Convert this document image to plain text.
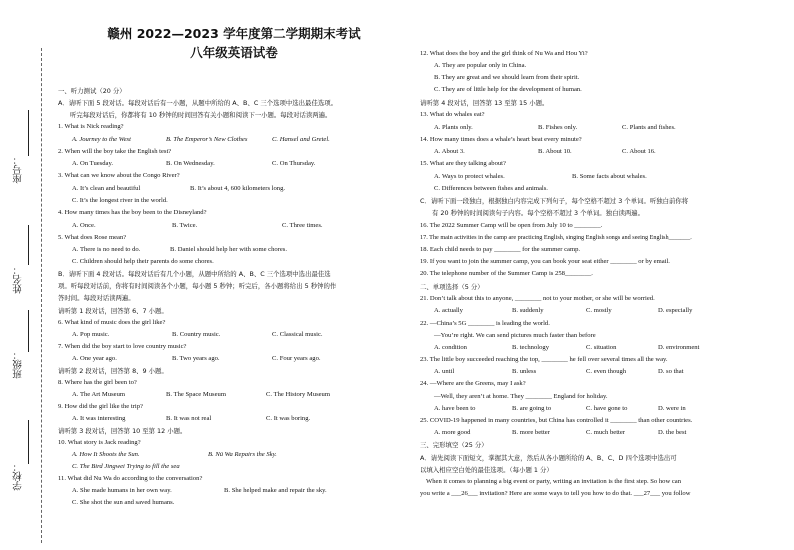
座号：
姓名：
班级：
学校：
赣州 2022—2023 学年度第二学期期末考试
八年级英语试卷
一、听力测试（20 分）
A．请听下面 5 段对话。每段对话后有一小题，从题中所给的 A、B、C 三个选项中选出最佳选项。
听完每段对话后，你都将有 10 秒钟的时间回答有关小题和阅读下一小题。每段对话读两遍。
1. What is Nick reading?
A. Journey to the West	B. The Emperor’s New Clothes	C. Hansel and Gretel.
2. When will the boy take the English test?
A. On Tuesday.	B. On Wednesday.	C. On Thursday.
3. What can we know about the Congo River?
A. It’s clean and beautiful	B. It’s about 4, 600 kilometers long.
C. It’s the longest river in the world.
4. How many times has the boy been to the Disneyland?
A. Once.	B. Twice.	C. Three times.
5. What does Rose mean?
A. There is no need to do.	B. Daniel should help her with some chores.
C. Children should help their parents do some chores.
B．请听下面 4 段对话。每段对话后有几个小题，从题中所给的 A、B、C 三个选项中选出最佳选
项。听每段对话前，你将有时间阅读各个小题，每小题 5 秒钟；听完后，各小题将给出 5 秒钟的作
答时间。每段对话读两遍。
请听第 1 段对话，回答第 6、7 小题。
6. What kind of music does the girl like?
A. Pop music.	B. Country music.	C. Classical music.
7. When did the boy start to love country music?
A. One year ago.	B. Two years ago.	C. Four years ago.
请听第 2 段对话，回答第 8、9 小题。
8. Where has the girl been to?
A. The Art Museum	B. The Space Museum	C. The History Museum
9. How did the girl like the trip?
A. It was interesting	B. It was not real	C. It was boring.
请听第 3 段对话，回答第 10 至第 12 小题。
10. What story is Jack reading?
A. How It Shoots the Sun.	B. Nü Wa Repairs the Sky.
C. The Bird Jingwei Trying to fill the sea
11. What did Nu Wa do according to the conversation?
A. She made humans in her own way.	B. She helped make and repair the sky.
C. She shot the sun and saved humans.
12. What does the boy and the girl think of Nu Wa and Hou Yi?
A. They are popular only in China.
B. They are great and we should learn from their spirit.
C. They are of little help for the development of human.
请听第 4 段对话，回答第 13 至第 15 小题。
13. What do whales eat?
A. Plants only.	B. Fishes only.	C. Plants and fishes.
14. How many times does a whale’s heart beat every minute?
A. About 3.	B. About 10.	C. About 16.
15. What are they talking about?
A. Ways to protect whales.	B. Some facts about whales.
C. Differences between fishes and animals.
C．请听下面一段独白，根据独白内容完成下列句子，每个空格不超过 3 个单词。听独白前你将
有 20 秒钟的时间阅读句子内容。每个空格不超过 3 个单词。独白读两遍。
16. The 2022 Summer Camp will be open from July 10 to ________.
17. The main activities in the camp are practicing English, singing English songs and seeing English_______.
18. Each child needs to pay ________ for the summer camp.
19. If you want to join the summer camp, you can book your seat either ________ or by email.
20. The telephone number of the Summer Camp is 258________.
二、单项选择（5 分）
21. Don’t talk about this to anyone, ________ not to your mother, or she will be worried.
A. actually	B. suddenly	C. mostly	D. especially
22. —China’s 5G ________ is leading the world.
—You’re right. We can send pictures much faster than before
A. condition	B. technology	C. situation	D. environment
23. The little boy succeeded reaching the top, ________ he fell over several times all the way.
A. until	B. unless	C. even though	D. so that
24. —Where are the Greens, may I ask?
—Well, they aren’t at home. They ________ England for holiday.
A. have been to	B. are going to	C. have gone to	D. were in
25. COVID-19 happened in many countries, but China has controlled it ________ than other countries.
A. more good	B. more better	C. much better	D. the best
三、完形填空（25 分）
A．请先阅读下面短文，掌握其大意，然后从各小题所给的 A、B、C、D 四个选项中选出可
以填入相应空白处的最佳选项。（每小题 1 分）
When it comes to planning a big event or party, writing an invitation is the first step. So how can
you write a ___26___ invitation? Here are some ways to tell you how to do that. ___27___ you follow
